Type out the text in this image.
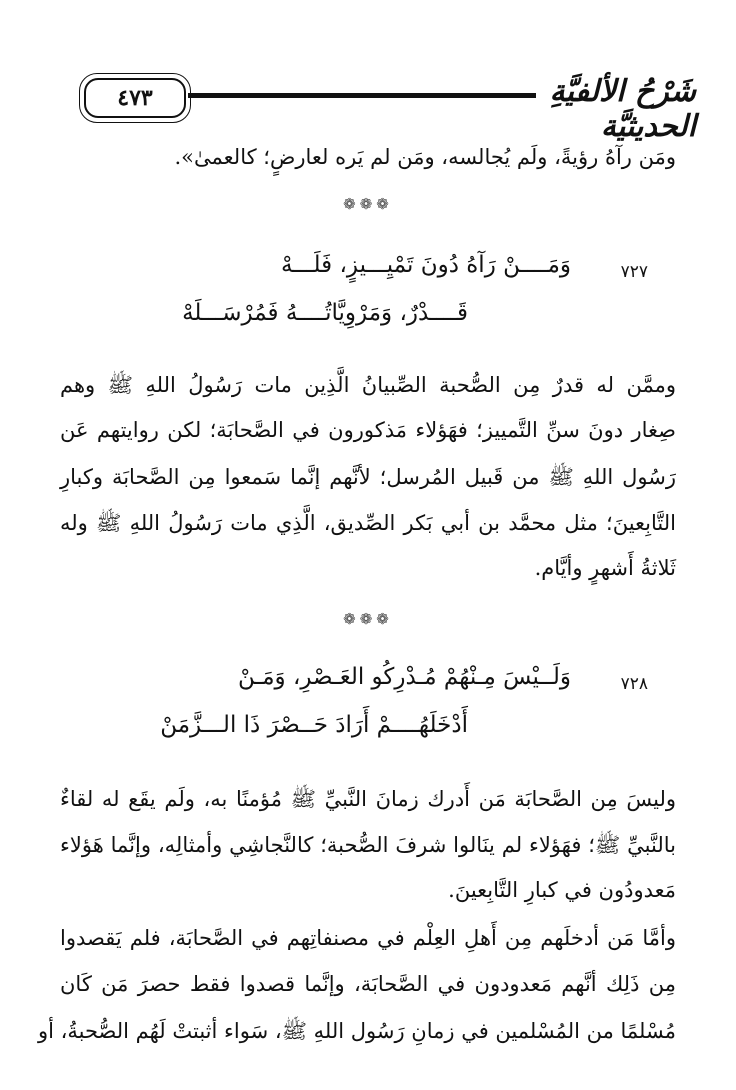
٤٧٣	شَرْحُ الألفيَّةِ الحديثيَّة
ومَن رآهُ رؤيةً، ولَم يُجالسه، ومَن لم يَره لعارضٍ؛ كالعمىٰ».
❁❁❁
٧٢٧
وَمَــــنْ رَآهُ دُونَ تَمْيِـــيزٍ، فَلَـــهْ
قَــــدْرٌ، وَمَرْوِيَّاتُــــهُ فَمُرْسَـــلَهْ
وممَّن له قدرٌ مِن الصُّحبة الصِّبيانُ الَّذِين مات رَسُولُ اللهِ ﷺ وهم
صِغار دونَ سنِّ التَّمييز؛ فهَؤلاء مَذكورون في الصَّحابَة؛ لكن روايتهم عَن
رَسُول اللهِ ﷺ من قَبيل المُرسل؛ لأنَّهم إنَّما سَمعوا مِن الصَّحابَة وكبارِ
التَّابِعينَ؛ مثل محمَّد بن أبي بَكر الصِّديق، الَّذِي مات رَسُولُ اللهِ ﷺ وله
ثَلاثةُ أَشهرٍ وأيَّام.
❁❁❁
٧٢٨
وَلَــيْسَ مِـنْهُمْ مُـدْرِكُو العَـصْرِ، وَمَـنْ
أَدْخَلَهُــــمْ أَرَادَ حَــصْرَ ذَا الـــزَّمَنْ
وليسَ مِن الصَّحابَة مَن أَدرك زمانَ النَّبيِّ ﷺ مُؤمنًا به، ولَم يقَع له لقاءٌ
بالنَّبيِّ ﷺ؛ فهَؤلاء لم ينَالوا شرفَ الصُّحبة؛ كالنَّجاشِي وأمثالِه، وإنَّما هَؤلاء
مَعدودُون في كبارِ التَّابِعينَ.
وأمَّا مَن أدخلَهم مِن أَهلِ العِلْم في مصنفاتِهم في الصَّحابَة، فلم يَقصدوا
مِن ذَلِك أنَّهم مَعدودون في الصَّحابَة، وإنَّما قصدوا فقط حصرَ مَن كَان
مُسْلمًا من المُسْلمين في زمانِ رَسُول اللهِ ﷺ، سَواء أثبتتْ لَهُم الصُّحبةُ، أو
